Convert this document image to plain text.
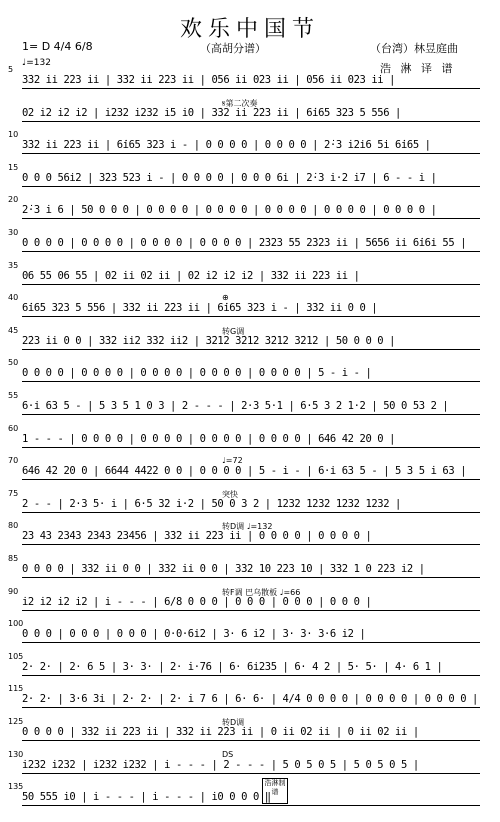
欢乐中国节
1= D 4/4 6/8	（高胡分谱）	（台湾）林昱庭曲
浩 淋 译 谱
♩=132
3̇32 i̇i 2̇23 i̇i | 3̇32 i̇i 2̇23 i̇i | 056 i̇i 0̇23 i̇i | 056 i̇i 0̇23 i̇i |
5
02 i̇2 i̇2 i̇2 | i̇232 i̇232 i̇5 i̇0 | 3̇32 i̇i 2̇23 i̇i | 6̇i65 323 5 556 |
𝄋第二次奏
3̇32 i̇i 2̇23 i̇i | 6̇i65 323 i̇ - | 0 0 0 0 | 0 0 0 0 | 2̇·3 i̇2i6 5i 6̇i65 |
10
0 0 0 56i2 | 3̇23 5̇23 i̇ - | 0 0 0 0 | 0 0 0 6i | 2̇·3 i̇·2 i̇7 | 6 - - i̇ |
15
2̇·3 i̇ 6 | 50 0 0 0 | 0 0 0 0 | 0 0 0 0 | 0 0 0 0 | 0 0 0 0 | 0 0 0 0 |
20
0 0 0 0 | 0 0 0 0 | 0 0 0 0 | 0 0 0 0 | 2̇323 55 2̇323 i̇i | 5656 i̇i 6̇i6i 55 |
30
06 55 06 55 | 02 i̇i 02 i̇i | 02 i̇2 i̇2 i̇2 | 3̇32 i̇i 2̇23 i̇i |
35
6̇i65 323 5 556 | 3̇32 i̇i 2̇23 i̇i | 6̇i65 323 i̇ - | 3̇32 i̇i 0 0 |
⊕
40
2̇23 i̇i 0 0 | 3̇32 i̇i2 3̇32 i̇i2 | 3̇212 3̇212 3̇212 3̇212 | 50 0 0 0 |
转G调
45
0 0 0 0 | 0 0 0 0 | 0 0 0 0 | 0 0 0 0 | 0 0 0 0 | 5 - i̇ - |
50
6·i 63 5 - | 5 3 5 1 0 3 | 2 - - - | 2·3 5·1 | 6·5 3 2 1·2 | 50 0 53 2 |
55
1 - - - | 0 0 0 0 | 0 0 0 0 | 0 0 0 0 | 0 0 0 0 | 646 42 20 0 |
60
646 42 20 0 | 6644 4422 0 0 | 0 0 0 0 | 5 - i̇ - | 6·i 63 5 - | 5 3 5 i̇ 63 |
♩=72
70
2 - - | 2·3 5· i̇ | 6·5 32 i̇·2 | 50 0 3 2 | 1232 1232 1232 1232 |
突快
75
23 43 2343 2343 23456 | 3̇32 i̇i 2̇23 i̇i | 0 0 0 0 | 0 0 0 0 |
转D调 ♩=132
80
0 0 0 0 | 3̇32 i̇i 0 0 | 3̇32 i̇i 0 0 | 3̇32 10 2̇23 10 | 3̇32 1 0 2̇23 i̇2 |
85
i̇2 i̇2 i̇2 i̇2 | i̇ - - - | 6/8 0 0 0 | 0 0 0 | 0 0 0 | 0 0 0 |
转F调 巴乌散板 ♩=66
90
0 0 0 | 0 0 0 | 0 0 0 | 0·0·6i2 | 3· 6 i̇2 | 3· 3· 3·6 i̇2 |
100
2· 2· | 2· 6 5 | 3· 3· | 2· i̇·76 | 6· 6i235 | 6· 4 2 | 5· 5· | 4· 6 1 |
105
2· 2· | 3·6 3i | 2· 2· | 2· i̇ 7 6 | 6· 6· | 4/4 0 0 0 0 | 0 0 0 0 | 0 0 0 0 |
115
0 0 0 0 | 3̇32 i̇i 2̇23 i̇i | 3̇32 i̇i 2̇23 i̇i | 0 i̇i 02 i̇i | 0 i̇i 02 i̇i |
转D调
125
i̇232 i̇232 | i̇232 i̇232 | i̇ - - - | 2 - - - | 5 0 5 0 5 | 5 0 5 0 5 |
DS
130
50 555 i̇0 | i̇ - - - | i̇ - - - | i̇0 0 0 0 ‖
135	浩淋制谱
